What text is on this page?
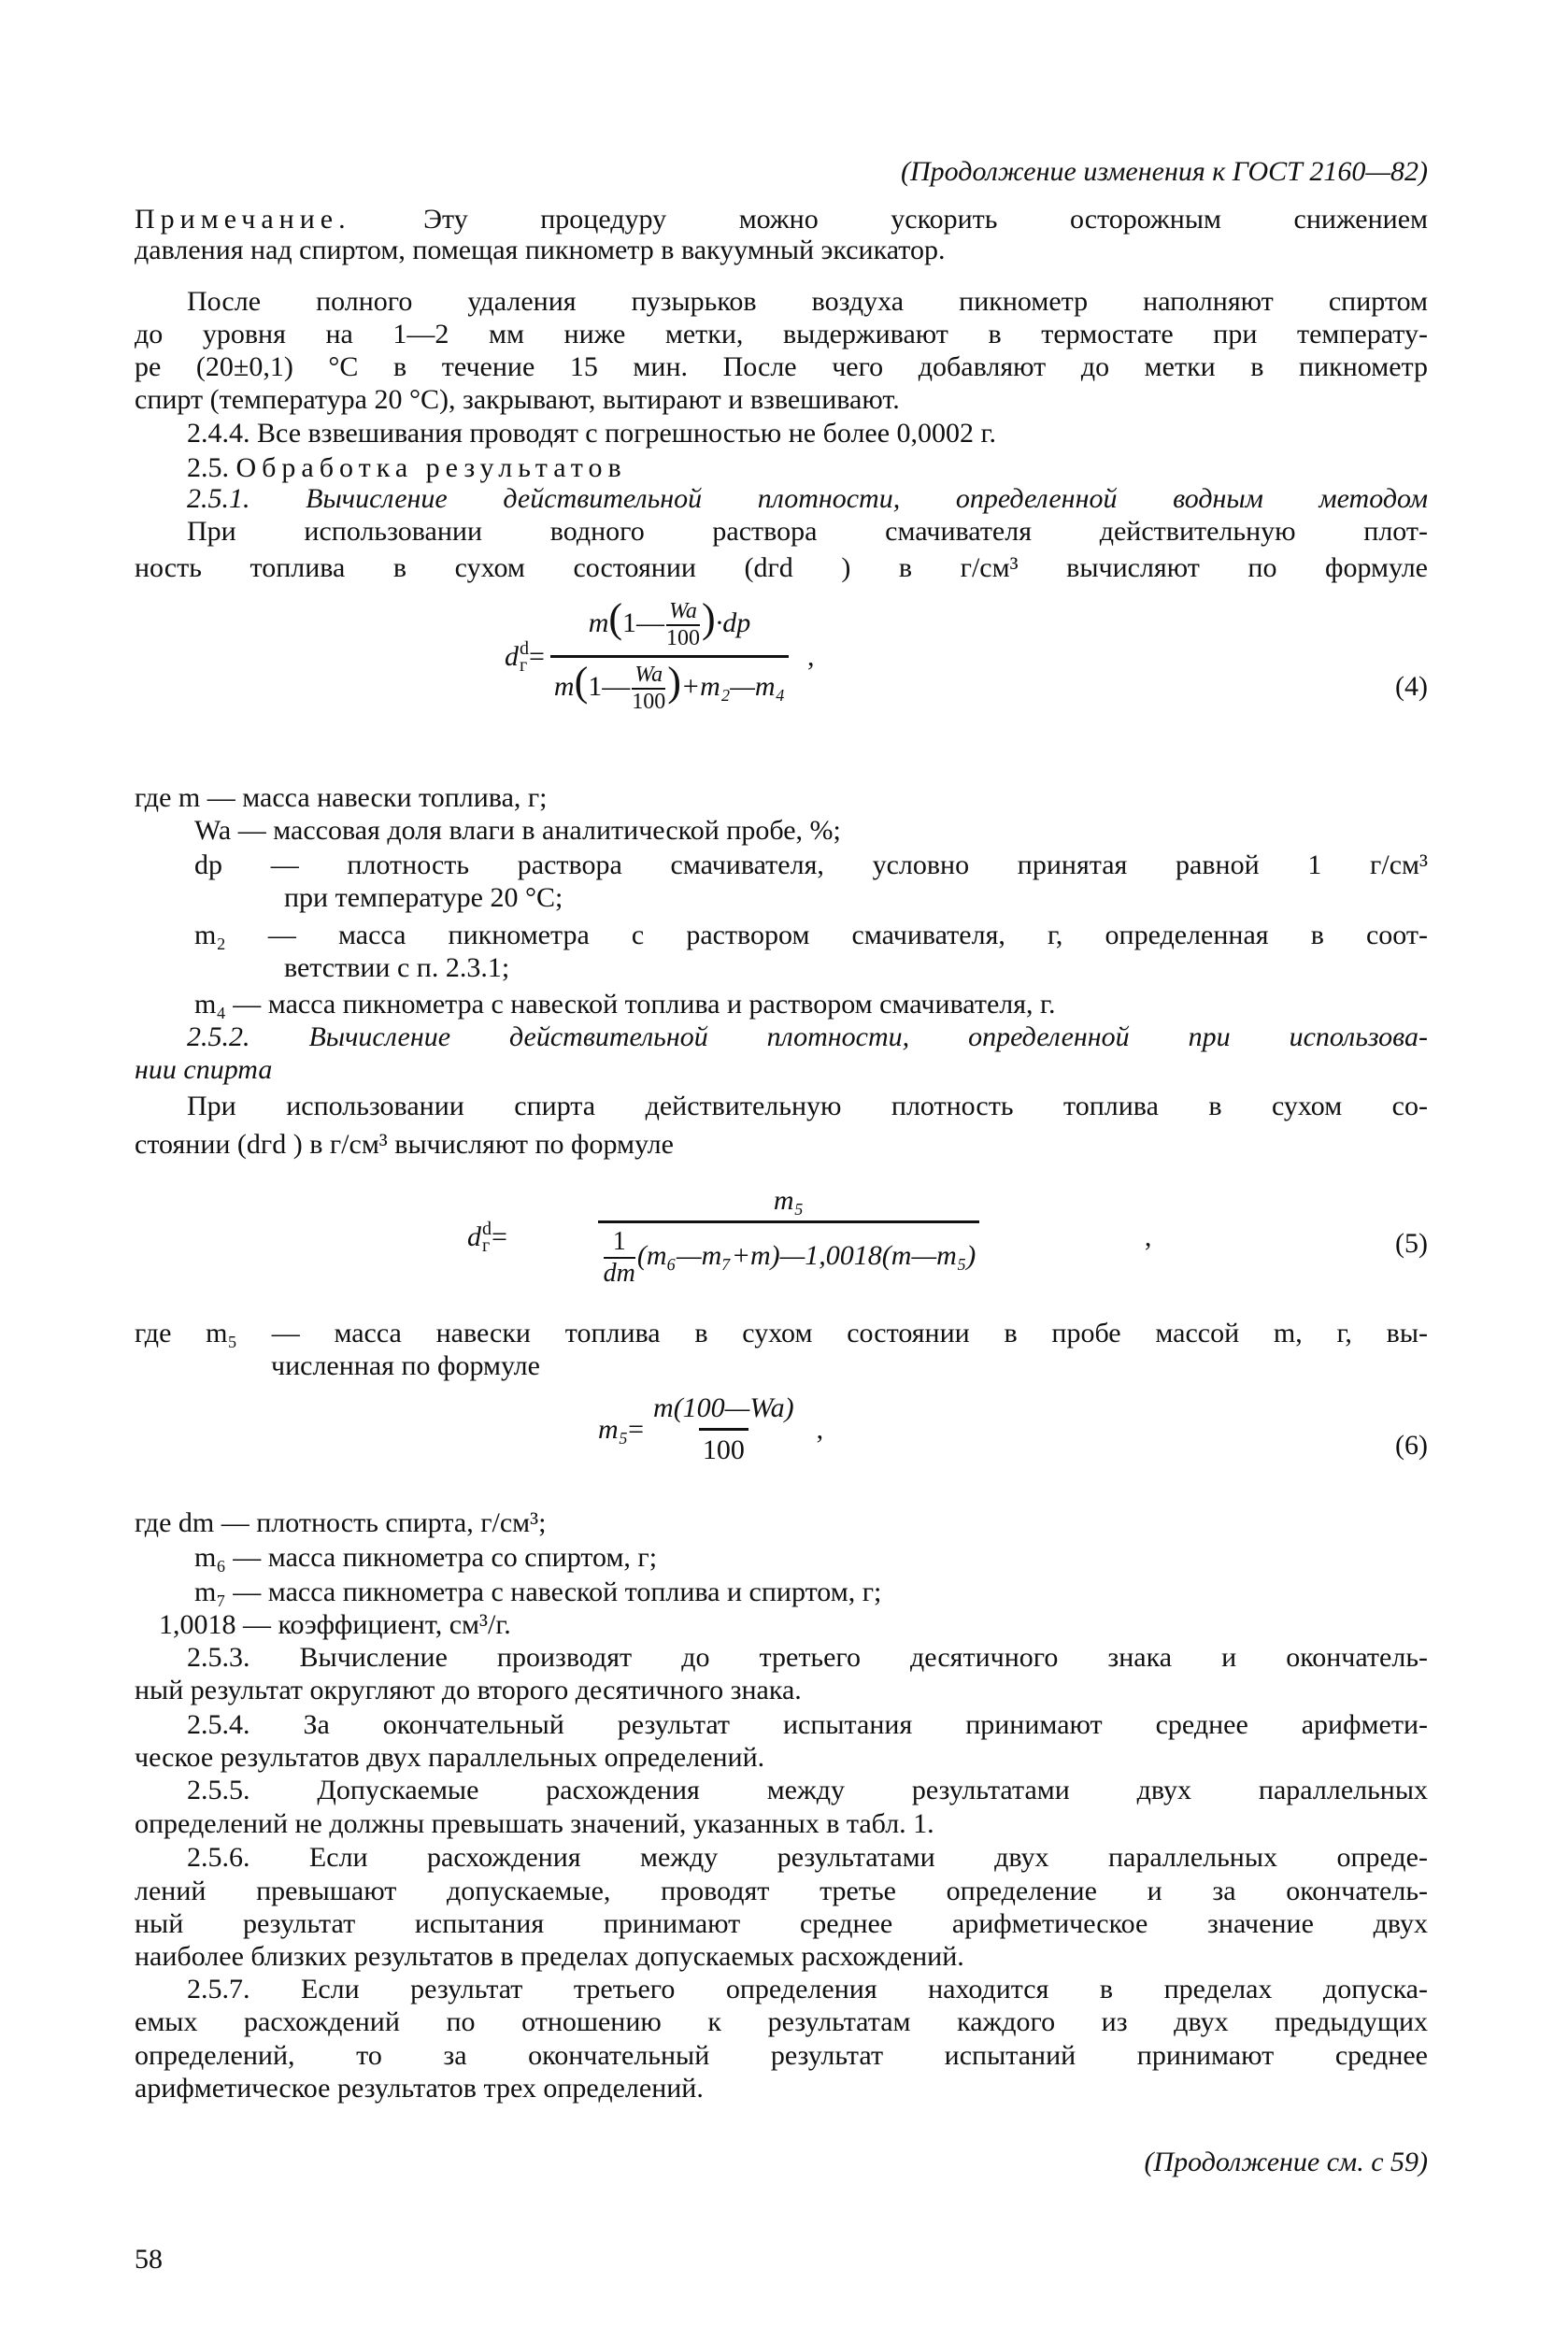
(Продолжение изменения к ГОСТ 2160—82)
Примечание.	Эту процедуру можно ускорить осторожным снижением
2.5. Обработка результатов
давления над спиртом, помещая пикнометр в вакуумный эксикатор.
После полного удаления пузырьков воздуха пикнометр наполняют спиртом
до уровня на 1—2 мм ниже метки, выдерживают в термостате при температу-
ре (20±0,1) °С в течение 15 мин. После чего добавляют до метки в пикнометр
спирт (температура 20 °С), закрывают, вытирают и взвешивают.
2.4.4. Все взвешивания проводят с погрешностью не более 0,0002 г.
2.5.1. Вычисление действительной плотности, определенной водным методом
При использовании водного раствора смачивателя действительную плот-
ность топлива в сухом состоянии (dгd ) в г/см³ вычисляют по формуле
где m — масса навески топлива, г;
Wa — массовая доля влаги в аналитической пробе, %;
dр — плотность раствора смачивателя, условно принятая равной 1 г/см³
при температуре 20 °С;
m₂ — масса пикнометра с раствором смачивателя, г, определенная в соот-
ветствии с п. 2.3.1;
m₄ — масса пикнометра с навеской топлива и раствором смачивателя, г.
2.5.2. Вычисление действительной плотности, определенной при использова-
нии спирта
При использовании спирта действительную плотность топлива в сухом со-
стоянии (dгd ) в г/см³ вычисляют по формуле
где m₅ — масса навески топлива в сухом состоянии в пробе массой m, г, вы-
численная по формуле
где dm — плотность спирта, г/см³;
m₆ — масса пикнометра со спиртом, г;
m₇ — масса пикнометра с навеской топлива и спиртом, г;
1,0018 — коэффициент, см³/г.
2.5.3. Вычисление производят до третьего десятичного знака и окончатель-
ный результат округляют до второго десятичного знака.
2.5.4. За окончательный результат испытания принимают среднее арифмети-
ческое результатов двух параллельных определений.
2.5.5. Допускаемые расхождения между результатами двух параллельных
определений не должны превышать значений, указанных в табл. 1.
2.5.6. Если расхождения между результатами двух параллельных опреде-
лений превышают допускаемые, проводят третье определение и за окончатель-
ный результат испытания принимают среднее арифметическое значение двух
наиболее близких результатов в пределах допускаемых расхождений.
2.5.7. Если результат третьего определения находится в пределах допуска-
емых расхождений по отношению к результатам каждого из двух предыдущих
определений, то за окончательный результат испытаний принимают среднее
арифметическое результатов трех определений.
d d
$г = \frac{m(1— \frac{Wa}{100} )\cdot dр}{m(1— \frac{Wa}{100} )+m_2—m_4}$ ,
(4)
d d
$г = \frac{\text{m₅}}{\frac{1}{dm} (m_6—m_7+m)—1,0018(m—m_5)}$	,	(5)
$m_5 = \frac{m(100—Wa)}{100}$ ,
(6)
(Продолжение см. с 59)
58
